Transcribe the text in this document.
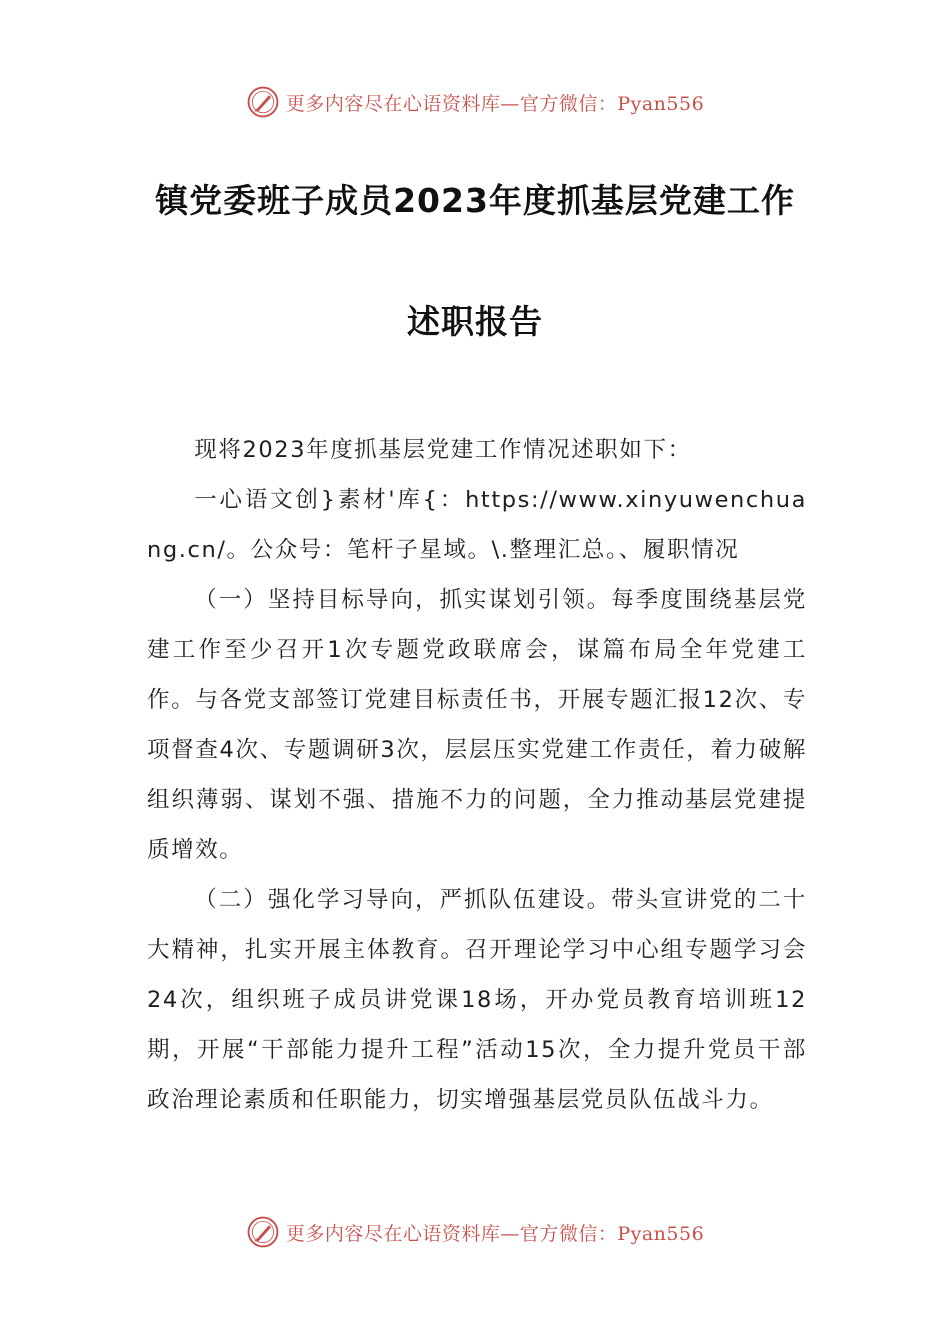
更多内容尽在心语资料库—官方微信：Pyan556
镇党委班子成员2023年度抓基层党建工作
述职报告

现将2023年度抓基层党建工作情况述职如下：

一心语文创}素材'库{：https://www.xinyuwenchuang.cn/。公众号：笔杆子星域。\.整理汇总。、履职情况

（一）坚持目标导向，抓实谋划引领。每季度围绕基层党建工作至少召开1次专题党政联席会，谋篇布局全年党建工作。与各党支部签订党建目标责任书，开展专题汇报12次、专项督查4次、专题调研3次，层层压实党建工作责任，着力破解组织薄弱、谋划不强、措施不力的问题，全力推动基层党建提质增效。

（二）强化学习导向，严抓队伍建设。带头宣讲党的二十大精神，扎实开展主体教育。召开理论学习中心组专题学习会24次，组织班子成员讲党课18场，开办党员教育培训班12期，开展“干部能力提升工程”活动15次，全力提升党员干部政治理论素质和任职能力，切实增强基层党员队伍战斗力。

更多内容尽在心语资料库—官方微信：Pyan556
